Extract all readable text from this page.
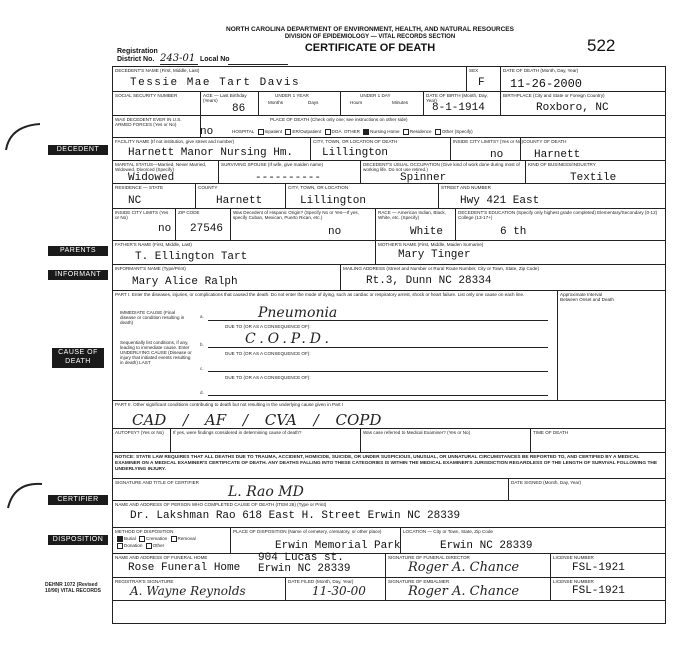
NORTH CAROLINA DEPARTMENT OF ENVIRONMENT, HEALTH, AND NATURAL RESOURCES
DIVISION OF EPIDEMIOLOGY — VITAL RECORDS SECTION
CERTIFICATE OF DEATH	522
Registration
District No. 243-01 Local No
DECEDENT
PARENTS
INFORMANT
CAUSE OF DEATH
CERTIFIER
DISPOSITION
DECEDENT'S NAME (First, Middle, Last)
Tessie Mae Tart Davis
SEX
F
DATE OF DEATH (Month, Day, Year)
11-26-2000
SOCIAL SECURITY NUMBER	AGE — Last Birthday (Years)
86
UNDER 1 YEAR
Months	Days
UNDER 1 DAY
Hours	Minutes
DATE OF BIRTH (Month, Day, Year)
8-1-1914
BIRTHPLACE (City and State or Foreign Country)
Roxboro, NC
WAS DECEDENT EVER IN U.S. ARMED FORCES (Yes or No)
no
PLACE OF DEATH (Check only one; see instructions on other side)
HOSPITAL Inpatient ER/Outpatient DOA OTHER Nursing Home Residence Other (Specify)
FACILITY NAME (If not institution, give street and number)
Harnett Manor Nursing Hm.
CITY, TOWN, OR LOCATION OF DEATH
Lillington
INSIDE CITY LIMITS? (Yes or No)
no
COUNTY OF DEATH
Harnett
MARITAL STATUS—Married, Never Married, Widowed, Divorced (Specify)
Widowed
SURVIVING SPOUSE (If wife, give maiden name)
----------
DECEDENT'S USUAL OCCUPATION (Give kind of work done during most of working life. Do not use retired.)
Spinner
KIND OF BUSINESS/INDUSTRY
Textile
RESIDENCE — STATE
NC
COUNTY
Harnett
CITY, TOWN, OR LOCATION
Lillington
STREET AND NUMBER
Hwy 421 East
INSIDE CITY LIMITS (Yes or No)
no
ZIP CODE
27546
Was Decedent of Hispanic Origin? (Specify No or Yes—If yes, specify Cuban, Mexican, Puerto Rican, etc.)
no
RACE — American Indian, Black, White, etc. (Specify)
White
DECEDENT'S EDUCATION (Specify only highest grade completed) Elementary/Secondary (0-12) College (13-17+)
6 th
FATHER'S NAME (First, Middle, Last)
T. Ellington Tart
MOTHER'S NAME (First, Middle, Maiden Surname)
Mary Tinger
INFORMANT'S NAME (Type/Print)
Mary Alice Ralph
MAILING ADDRESS (Street and Number or Rural Route Number, City or Town, State, Zip Code)
Rt.3, Dunn NC 28334
PART I. Enter the diseases, injuries, or complications that caused the death. Do not enter the mode of dying, such as cardiac or respiratory arrest, shock or heart failure. List only one cause on each line.	Approximate Interval Between Onset and Death
IMMEDIATE CAUSE (Final disease or condition resulting in death)
a.	Pneumonia
DUE TO (OR AS A CONSEQUENCE OF):
Sequentially list conditions, if any, leading to immediate cause. Enter UNDERLYING CAUSE (Disease or injury that initiated events resulting in death) LAST
b.	C.O.P.D.
DUE TO (OR AS A CONSEQUENCE OF):
c.
DUE TO (OR AS A CONSEQUENCE OF):
d.
PART II. Other significant conditions contributing to death but not resulting in the underlying cause given in Part I
CAD / AF / CVA / COPD
AUTOPSY? (Yes or No)	If yes, were findings considered in determining cause of death?	Was case referred to Medical Examiner? (Yes or No)	TIME OF DEATH
NOTICE: STATE LAW REQUIRES THAT ALL DEATHS DUE TO TRAUMA, ACCIDENT, HOMICIDE, SUICIDE, OR UNDER SUSPICIOUS, UNUSUAL, OR UNNATURAL CIRCUMSTANCES BE REPORTED TO, AND CERTIFIED BY A MEDICAL EXAMINER ON A MEDICAL EXAMINER'S CERTIFICATE OF DEATH. ANY DEATHS FALLING INTO THESE CATEGORIES IS WITHIN THE MEDICAL EXAMINER'S JURISDICTION REGARDLESS OF THE LENGTH OF SURVIVAL FOLLOWING THE UNDERLYING INJURY.
SIGNATURE AND TITLE OF CERTIFIER
L. Rao MD
DATE SIGNED (Month, Day, Year)
NAME AND ADDRESS OF PERSON WHO COMPLETED CAUSE OF DEATH (ITEM 26) (Type or Print)
Dr. Lakshman Rao 618 East H. Street Erwin NC 28339
METHOD OF DISPOSITION
Burial Cremation Removal
Donation Other
PLACE OF DISPOSITION (Name of cemetery, crematory, or other place)
Erwin Memorial Park
LOCATION — City or Town, State, Zip Code
Erwin NC 28339
NAME AND ADDRESS OF FUNERAL HOME
Rose Funeral Home
904 Lucas st.
Erwin NC 28339
SIGNATURE OF FUNERAL DIRECTOR
Roger A. Chance
LICENSE NUMBER
FSL-1921
REGISTRAR'S SIGNATURE
A. Wayne Reynolds
DATE FILED (Month, Day, Year)
11-30-00
SIGNATURE OF EMBALMER
Roger A. Chance
LICENSE NUMBER
FSL-1921
DEHNR 1072 (Revised 10/90) VITAL RECORDS
